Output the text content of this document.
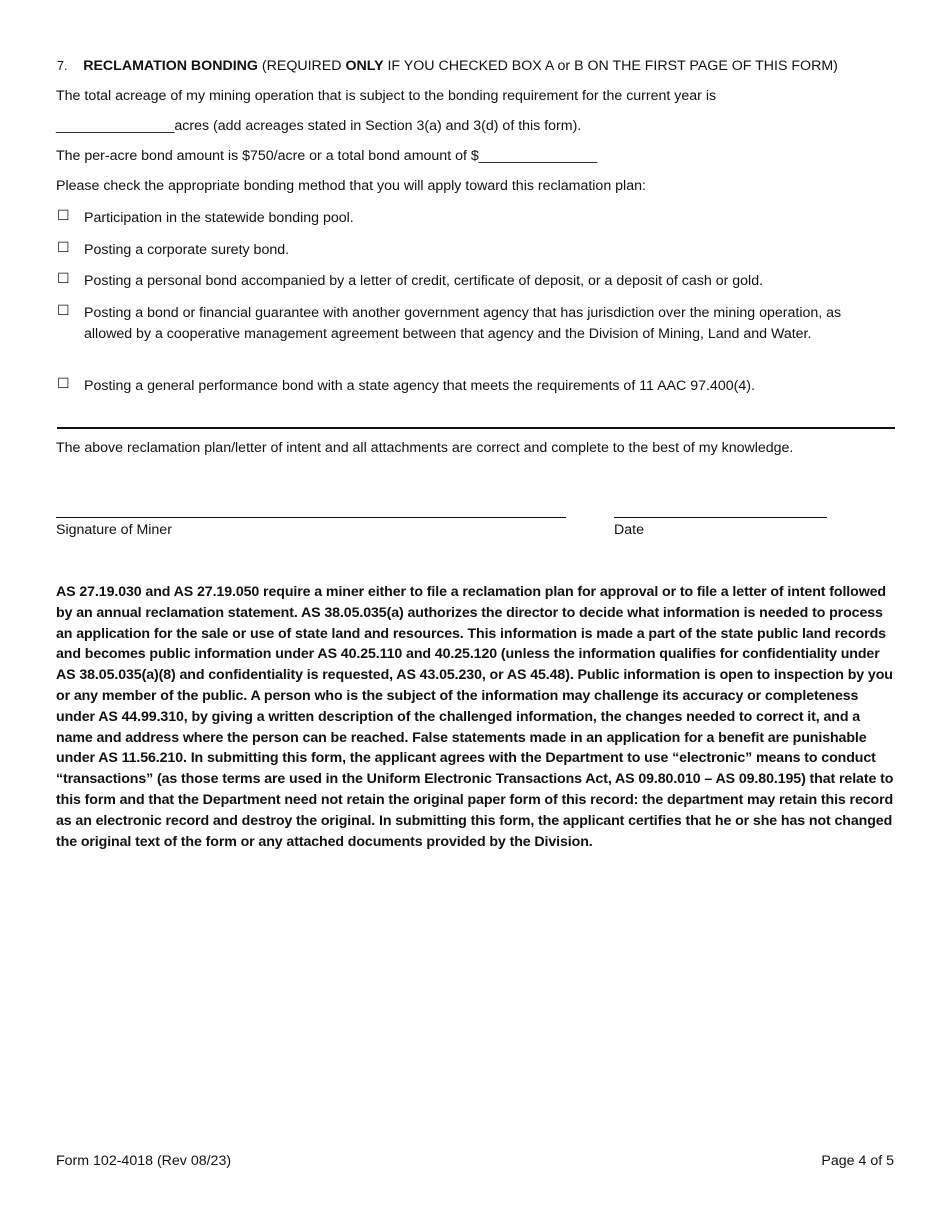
7. RECLAMATION BONDING (REQUIRED ONLY IF YOU CHECKED BOX A or B ON THE FIRST PAGE OF THIS FORM)
The total acreage of my mining operation that is subject to the bonding requirement for the current year is
_______________acres (add acreages stated in Section 3(a) and 3(d) of this form).
The per-acre bond amount is $750/acre or a total bond amount of $_______________
Please check the appropriate bonding method that you will apply toward this reclamation plan:
☐ Participation in the statewide bonding pool.
☐ Posting a corporate surety bond.
☐ Posting a personal bond accompanied by a letter of credit, certificate of deposit, or a deposit of cash or gold.
☐ Posting a bond or financial guarantee with another government agency that has jurisdiction over the mining operation, as allowed by a cooperative management agreement between that agency and the Division of Mining, Land and Water.
☐ Posting a general performance bond with a state agency that meets the requirements of 11 AAC 97.400(4).
The above reclamation plan/letter of intent and all attachments are correct and complete to the best of my knowledge.
Signature of Miner	Date
AS 27.19.030 and AS 27.19.050 require a miner either to file a reclamation plan for approval or to file a letter of intent followed by an annual reclamation statement. AS 38.05.035(a) authorizes the director to decide what information is needed to process an application for the sale or use of state land and resources. This information is made a part of the state public land records and becomes public information under AS 40.25.110 and 40.25.120 (unless the information qualifies for confidentiality under AS 38.05.035(a)(8) and confidentiality is requested, AS 43.05.230, or AS 45.48). Public information is open to inspection by you or any member of the public. A person who is the subject of the information may challenge its accuracy or completeness under AS 44.99.310, by giving a written description of the challenged information, the changes needed to correct it, and a name and address where the person can be reached. False statements made in an application for a benefit are punishable under AS 11.56.210. In submitting this form, the applicant agrees with the Department to use “electronic” means to conduct “transactions” (as those terms are used in the Uniform Electronic Transactions Act, AS 09.80.010 – AS 09.80.195) that relate to this form and that the Department need not retain the original paper form of this record: the department may retain this record as an electronic record and destroy the original. In submitting this form, the applicant certifies that he or she has not changed the original text of the form or any attached documents provided by the Division.
Form 102-4018 (Rev 08/23)	Page 4 of 5
